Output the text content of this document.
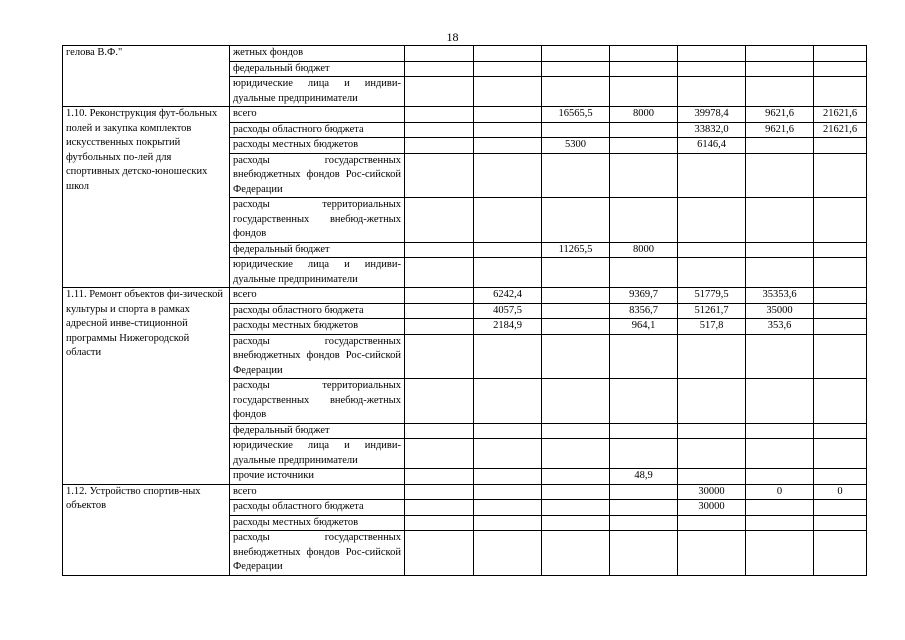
18
гелова В.Ф."	жетных фондов							
	федеральный бюджет							
	юридические лица и индиви-дуальные предприниматели							
1.10. Реконструкция фут-больных полей и закупка комплектов искусственных покрытий футбольных по-лей для спортивных детско-юношеских школ	всего			16565,5	8000	39978,4	9621,6	21621,6
	расходы областного бюджета					33832,0	9621,6	21621,6
	расходы местных бюджетов			5300		6146,4		
	расходы государственных внебюджетных фондов Рос-сийской Федерации							
	расходы территориальных государственных внебюд-жетных фондов							
	федеральный бюджет			11265,5	8000			
	юридические лица и индиви-дуальные предприниматели							
1.11. Ремонт объектов фи-зической культуры и спорта в рамках адресной инве-стиционной программы Нижегородской области	всего		6242,4		9369,7	51779,5	35353,6	
	расходы областного бюджета		4057,5		8356,7	51261,7	35000	
	расходы местных бюджетов		2184,9		964,1	517,8	353,6	
	расходы государственных внебюджетных фондов Рос-сийской Федерации							
	расходы территориальных государственных внебюд-жетных фондов							
	федеральный бюджет							
	юридические лица и индиви-дуальные предприниматели							
	прочие источники				48,9			
1.12. Устройство спортив-ных объектов	всего					30000	0	0
	расходы областного бюджета					30000		
	расходы местных бюджетов							
	расходы государственных внебюджетных фондов Рос-сийской Федерации							
